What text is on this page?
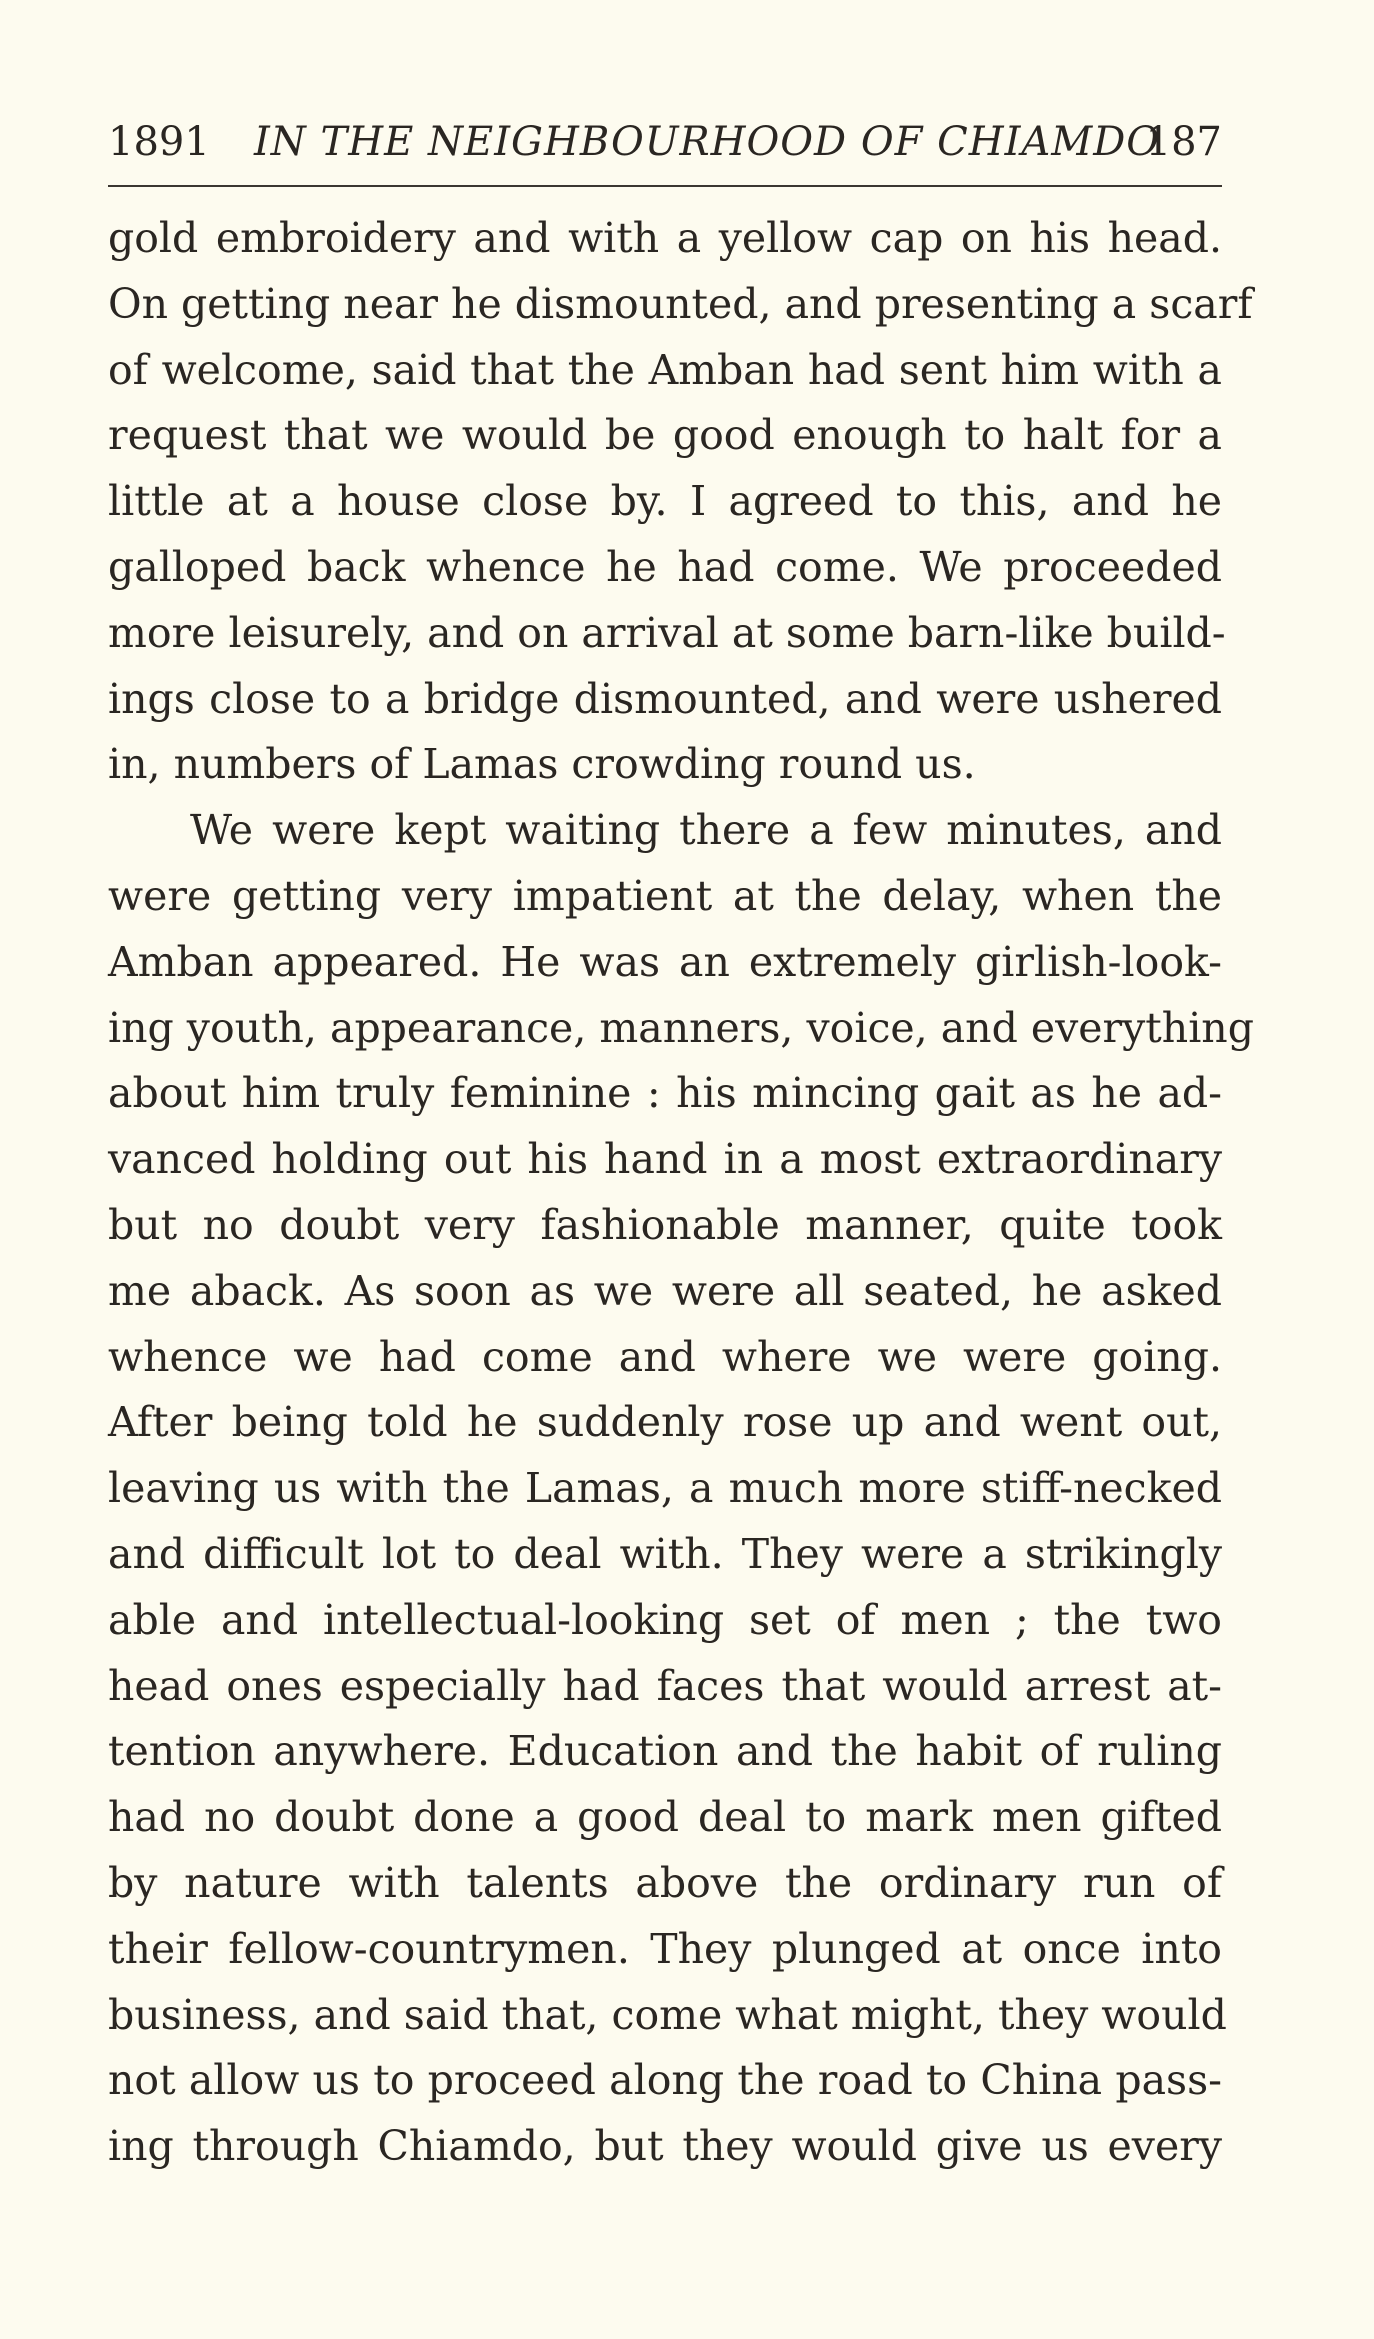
1891 IN THE NEIGHBOURHOOD OF CHIAMDO
187
gold embroidery and with a yellow cap on his head.
On getting near he dismounted, and presenting a scarf
of welcome, said that the Amban had sent him with a
request that we would be good enough to halt for a
little at a house close by. I agreed to this, and he
galloped back whence he had come. We proceeded
more leisurely, and on arrival at some barn-like build-
ings close to a bridge dismounted, and were ushered
in, numbers of Lamas crowding round us.
We were kept waiting there a few minutes, and
were getting very impatient at the delay, when the
Amban appeared. He was an extremely girlish-look-
ing youth, appearance, manners, voice, and everything
about him truly feminine : his mincing gait as he ad-
vanced holding out his hand in a most extraordinary
but no doubt very fashionable manner, quite took
me aback. As soon as we were all seated, he asked
whence we had come and where we were going.
After being told he suddenly rose up and went out,
leaving us with the Lamas, a much more stiff-necked
and difficult lot to deal with. They were a strikingly
able and intellectual-looking set of men ; the two
head ones especially had faces that would arrest at-
tention anywhere. Education and the habit of ruling
had no doubt done a good deal to mark men gifted
by nature with talents above the ordinary run of
their fellow-countrymen. They plunged at once into
business, and said that, come what might, they would
not allow us to proceed along the road to China pass-
ing through Chiamdo, but they would give us every
